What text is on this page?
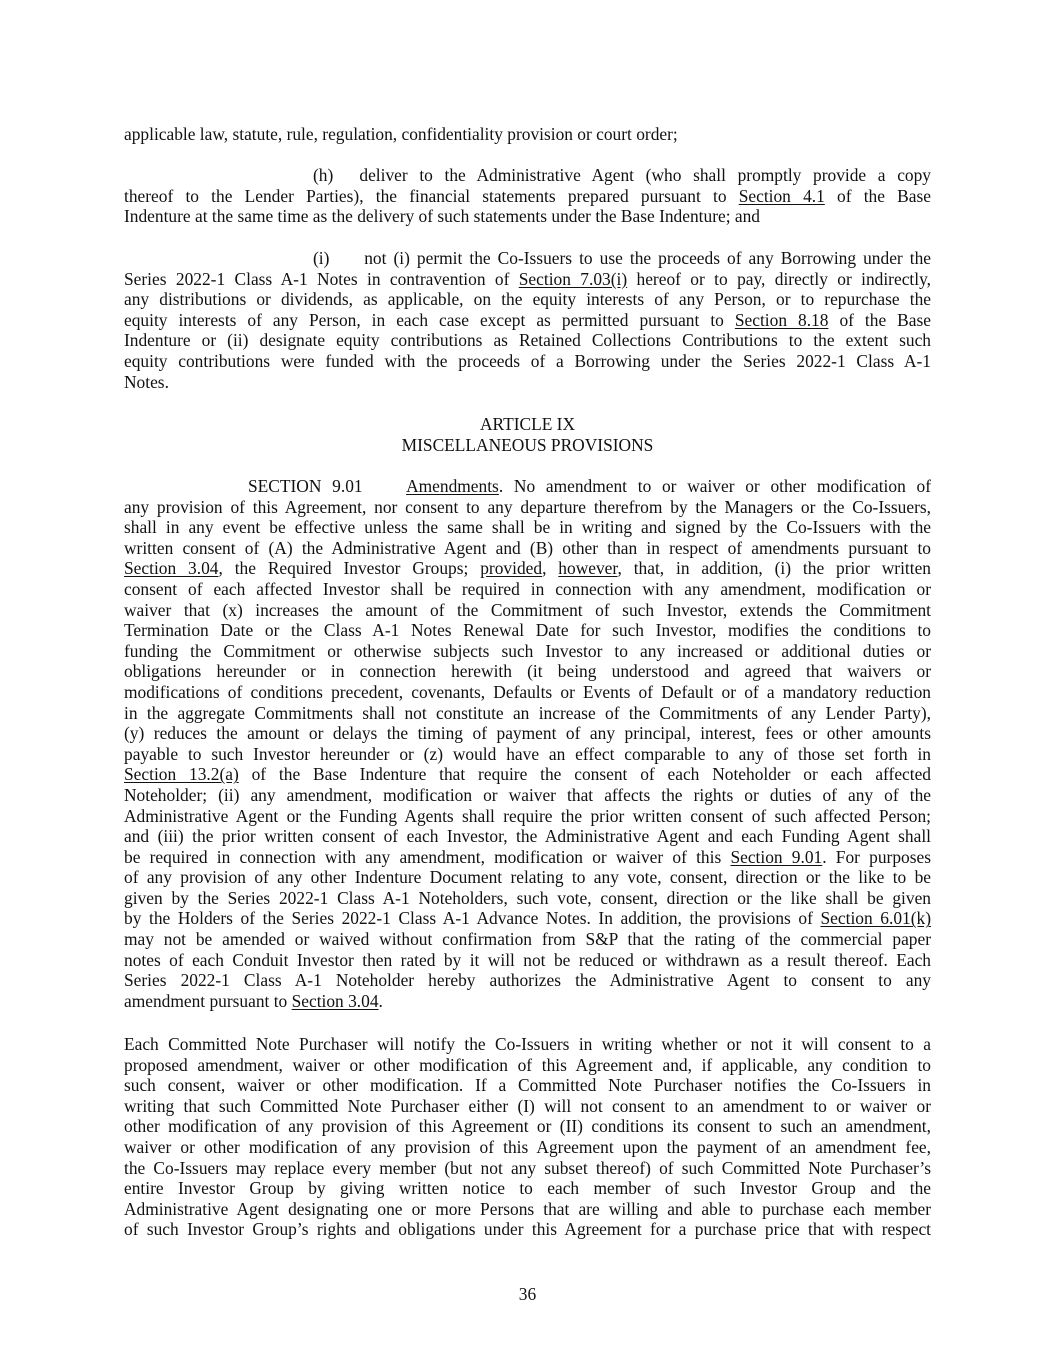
applicable law, statute, rule, regulation, confidentiality provision or court order;
(h)   deliver to the Administrative Agent (who shall promptly provide a copy
thereof to the Lender Parties), the financial statements prepared pursuant to Section 4.1 of the Base
Indenture at the same time as the delivery of such statements under the Base Indenture; and
(i)    not (i) permit the Co-Issuers to use the proceeds of any Borrowing under the
Series 2022-1 Class A-1 Notes in contravention of Section 7.03(i) hereof or to pay, directly or indirectly,
any distributions or dividends, as applicable, on the equity interests of any Person, or to repurchase the
equity interests of any Person, in each case except as permitted pursuant to Section 8.18 of the Base
Indenture or (ii) designate equity contributions as Retained Collections Contributions to the extent such
equity contributions were funded with the proceeds of a Borrowing under the Series 2022-1 Class A-1
Notes.
ARTICLE IX
MISCELLANEOUS PROVISIONS
SECTION 9.01    Amendments. No amendment to or waiver or other modification of
any provision of this Agreement, nor consent to any departure therefrom by the Managers or the Co-Issuers,
shall in any event be effective unless the same shall be in writing and signed by the Co-Issuers with the
written consent of (A) the Administrative Agent and (B) other than in respect of amendments pursuant to
Section 3.04, the Required Investor Groups; provided, however, that, in addition, (i) the prior written
consent of each affected Investor shall be required in connection with any amendment, modification or
waiver that (x) increases the amount of the Commitment of such Investor, extends the Commitment
Termination Date or the Class A-1 Notes Renewal Date for such Investor, modifies the conditions to
funding the Commitment or otherwise subjects such Investor to any increased or additional duties or
obligations hereunder or in connection herewith (it being understood and agreed that waivers or
modifications of conditions precedent, covenants, Defaults or Events of Default or of a mandatory reduction
in the aggregate Commitments shall not constitute an increase of the Commitments of any Lender Party),
(y) reduces the amount or delays the timing of payment of any principal, interest, fees or other amounts
payable to such Investor hereunder or (z) would have an effect comparable to any of those set forth in
Section 13.2(a) of the Base Indenture that require the consent of each Noteholder or each affected
Noteholder; (ii) any amendment, modification or waiver that affects the rights or duties of any of the
Administrative Agent or the Funding Agents shall require the prior written consent of such affected Person;
and (iii) the prior written consent of each Investor, the Administrative Agent and each Funding Agent shall
be required in connection with any amendment, modification or waiver of this Section 9.01. For purposes
of any provision of any other Indenture Document relating to any vote, consent, direction or the like to be
given by the Series 2022-1 Class A-1 Noteholders, such vote, consent, direction or the like shall be given
by the Holders of the Series 2022-1 Class A-1 Advance Notes. In addition, the provisions of Section 6.01(k)
may not be amended or waived without confirmation from S&P that the rating of the commercial paper
notes of each Conduit Investor then rated by it will not be reduced or withdrawn as a result thereof. Each
Series 2022-1 Class A-1 Noteholder hereby authorizes the Administrative Agent to consent to any
amendment pursuant to Section 3.04.
Each Committed Note Purchaser will notify the Co-Issuers in writing whether or not it will consent to a
proposed amendment, waiver or other modification of this Agreement and, if applicable, any condition to
such consent, waiver or other modification. If a Committed Note Purchaser notifies the Co-Issuers in
writing that such Committed Note Purchaser either (I) will not consent to an amendment to or waiver or
other modification of any provision of this Agreement or (II) conditions its consent to such an amendment,
waiver or other modification of any provision of this Agreement upon the payment of an amendment fee,
the Co-Issuers may replace every member (but not any subset thereof) of such Committed Note Purchaser’s
entire Investor Group by giving written notice to each member of such Investor Group and the
Administrative Agent designating one or more Persons that are willing and able to purchase each member
of such Investor Group’s rights and obligations under this Agreement for a purchase price that with respect
36
